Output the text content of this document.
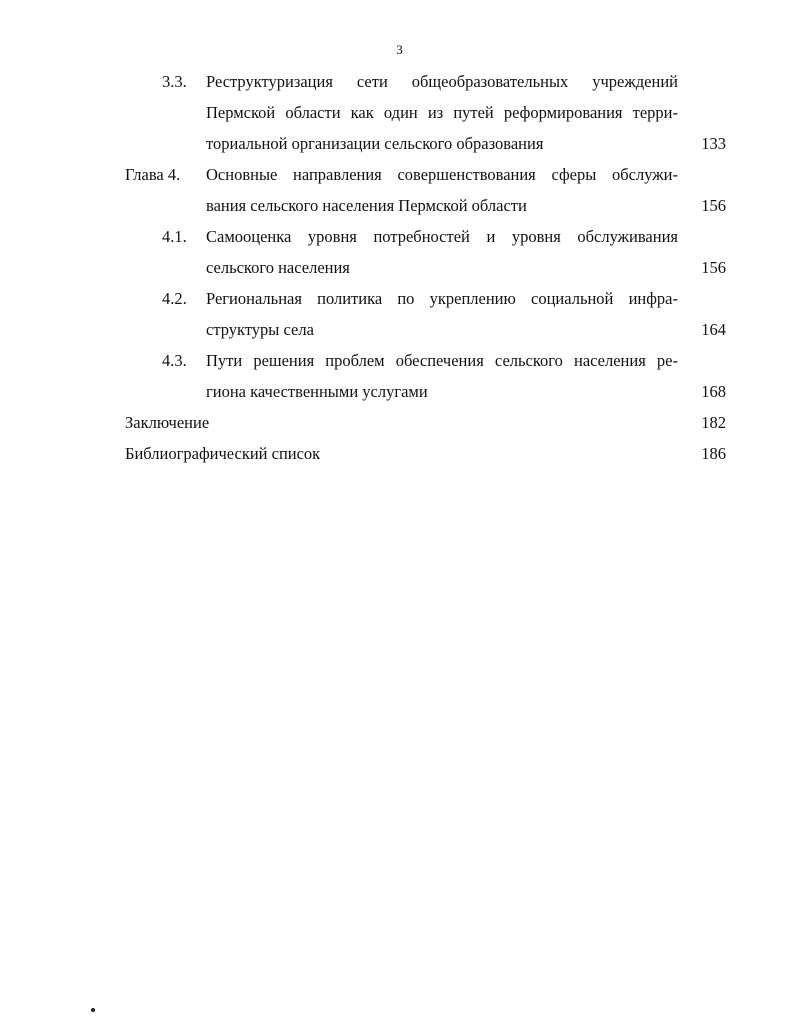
3
3.3. Реструктуризация сети общеобразовательных учреждений
Пермской области как один из путей реформирования терри-
ториальной организации сельского образования	133
Глава 4. Основные направления совершенствования сферы обслужи-
вания сельского населения Пермской области	156
4.1. Самооценка уровня потребностей и уровня обслуживания
сельского населения	156
4.2. Региональная политика по укреплению социальной инфра-
структуры села	164
4.3. Пути решения проблем обеспечения сельского населения ре-
гиона качественными услугами	168
Заключение	182
Библиографический список	186
